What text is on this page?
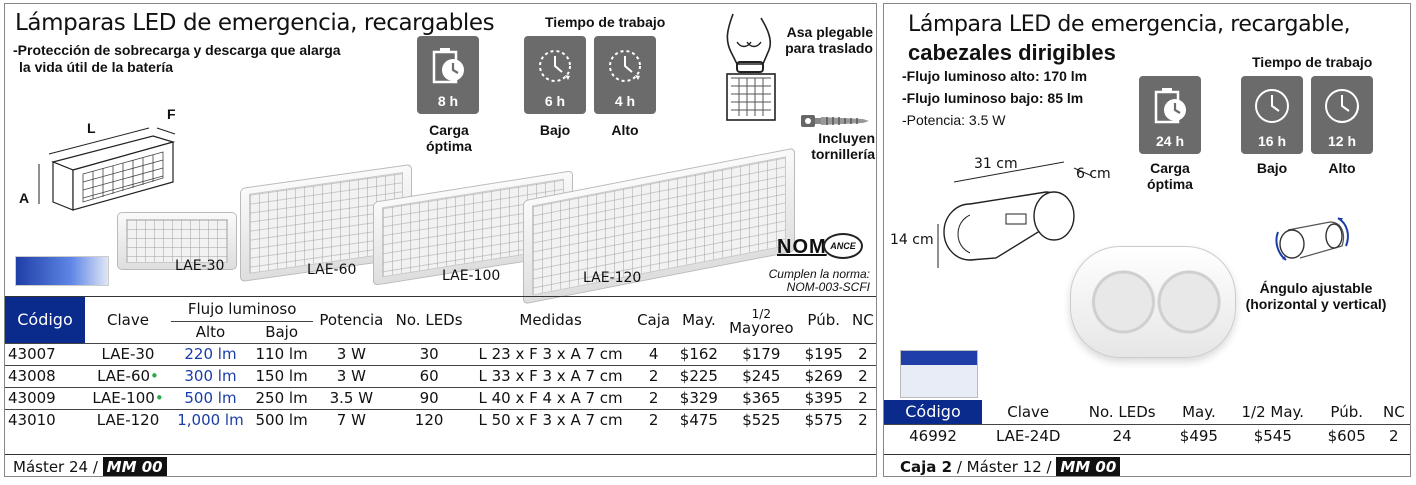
Lámparas LED de emergencia, recargables
-Protección de sobrecarga y descarga que alarga
la vida útil de la batería
Tiempo de trabajo
8 h	6 h	4 h
Carga
óptima
Bajo	Alto
Asa plegable
para traslado
Incluyen
tornillería
L
F
A
LAE-30	LAE-60	LAE-100	LAE-120
NOM ANCE
Cumplen la norma:
NOM-003-SCFI
Código	Clave	Flujo luminoso		Potencia	No. LEDs	Medidas	Caja	May.	1/2	Púb.	NC
		Alto	Bajo						Mayoreo		
43007	LAE-30	220 lm	110 lm	3 W	30	L 23 x F 3 x A 7 cm	4	$162	$179	$195	2
43008	LAE-60•	300 lm	150 lm	3 W	60	L 33 x F 3 x A 7 cm	2	$225	$245	$269	2
43009	LAE-100•	500 lm	250 lm	3.5 W	90	L 40 x F 4 x A 7 cm	2	$329	$365	$395	2
43010	LAE-120	1,000 lm	500 lm	7 W	120	L 50 x F 3 x A 7 cm	2	$475	$525	$575	2
Máster 24 / MM 00
Lámpara LED de emergencia, recargable,
cabezales dirigibles
-Flujo luminoso alto: 170 lm
-Flujo luminoso bajo: 85 lm
-Potencia: 3.5 W
Tiempo de trabajo
24 h	16 h	12 h
Carga
óptima
Bajo	Alto
31 cm
6 cm
14 cm
Ángulo ajustable
(horizontal y vertical)
Código	Clave	No. LEDs	May.	1/2 May.	Púb.	NC
46992	LAE-24D	24	$495	$545	$605	2
Caja 2 / Máster 12 / MM 00
